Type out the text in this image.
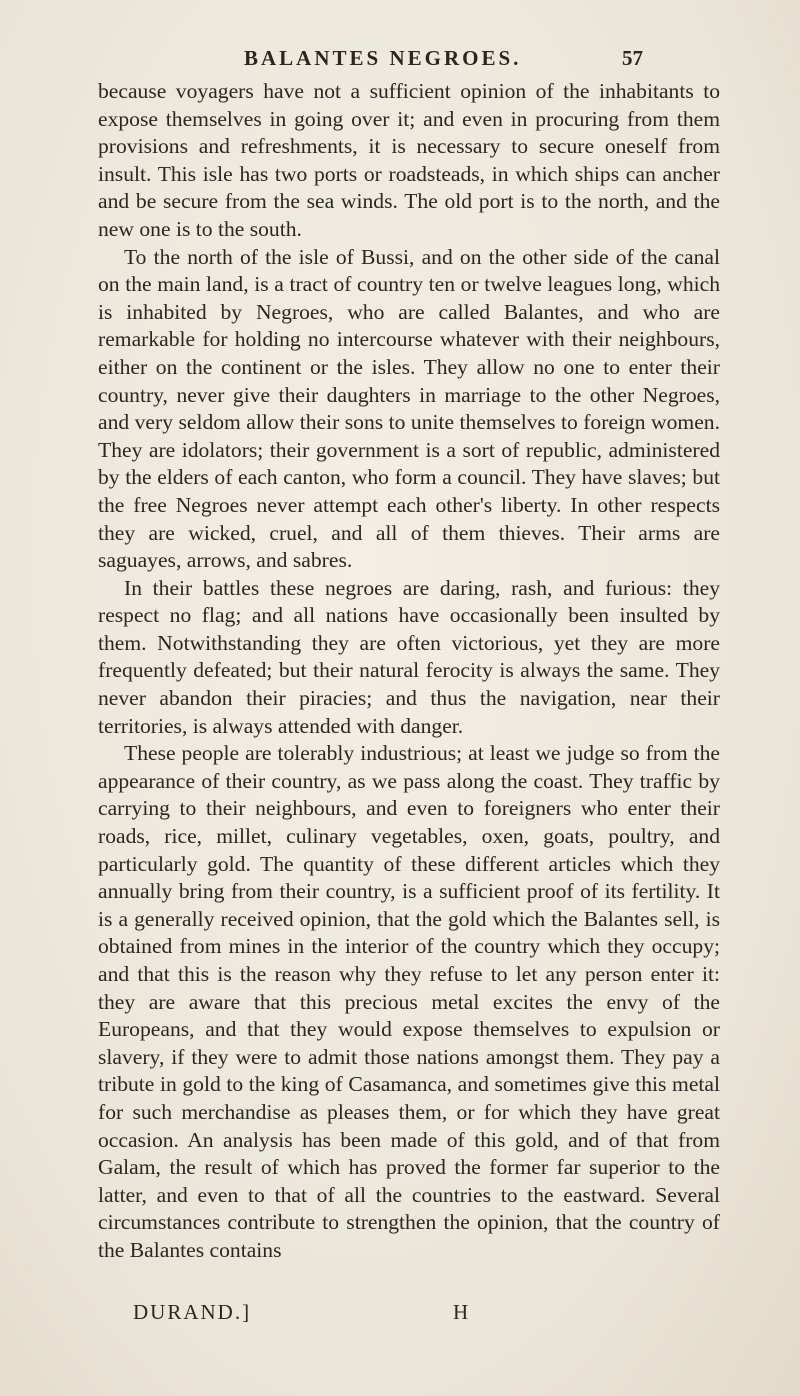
BALANTES NEGROES.	57

because voyagers have not a sufficient opinion of the inhabitants to expose themselves in going over it; and even in procuring from them provisions and refreshments, it is necessary to secure oneself from insult. This isle has two ports or roadsteads, in which ships can ancher and be secure from the sea winds. The old port is to the north, and the new one is to the south.

To the north of the isle of Bussi, and on the other side of the canal on the main land, is a tract of country ten or twelve leagues long, which is inhabited by Negroes, who are called Balantes, and who are remarkable for holding no intercourse whatever with their neighbours, either on the continent or the isles. They allow no one to enter their country, never give their daughters in marriage to the other Negroes, and very seldom allow their sons to unite themselves to foreign women. They are idolators; their government is a sort of republic, administered by the elders of each canton, who form a council. They have slaves; but the free Negroes never attempt each other's liberty. In other respects they are wicked, cruel, and all of them thieves. Their arms are saguayes, arrows, and sabres.

In their battles these negroes are daring, rash, and furious: they respect no flag; and all nations have occasionally been insulted by them. Notwithstanding they are often victorious, yet they are more frequently defeated; but their natural ferocity is always the same. They never abandon their piracies; and thus the navigation, near their territories, is always attended with danger.

These people are tolerably industrious; at least we judge so from the appearance of their country, as we pass along the coast. They traffic by carrying to their neighbours, and even to foreigners who enter their roads, rice, millet, culinary vegetables, oxen, goats, poultry, and particularly gold. The quantity of these different articles which they annually bring from their country, is a sufficient proof of its fertility. It is a generally received opinion, that the gold which the Balantes sell, is obtained from mines in the interior of the country which they occupy; and that this is the reason why they refuse to let any person enter it: they are aware that this precious metal excites the envy of the Europeans, and that they would expose themselves to expulsion or slavery, if they were to admit those nations amongst them. They pay a tribute in gold to the king of Casamanca, and sometimes give this metal for such merchandise as pleases them, or for which they have great occasion. An analysis has been made of this gold, and of that from Galam, the result of which has proved the former far superior to the latter, and even to that of all the countries to the eastward. Several circumstances contribute to strengthen the opinion, that the country of the Balantes contains

DURAND.]	H
